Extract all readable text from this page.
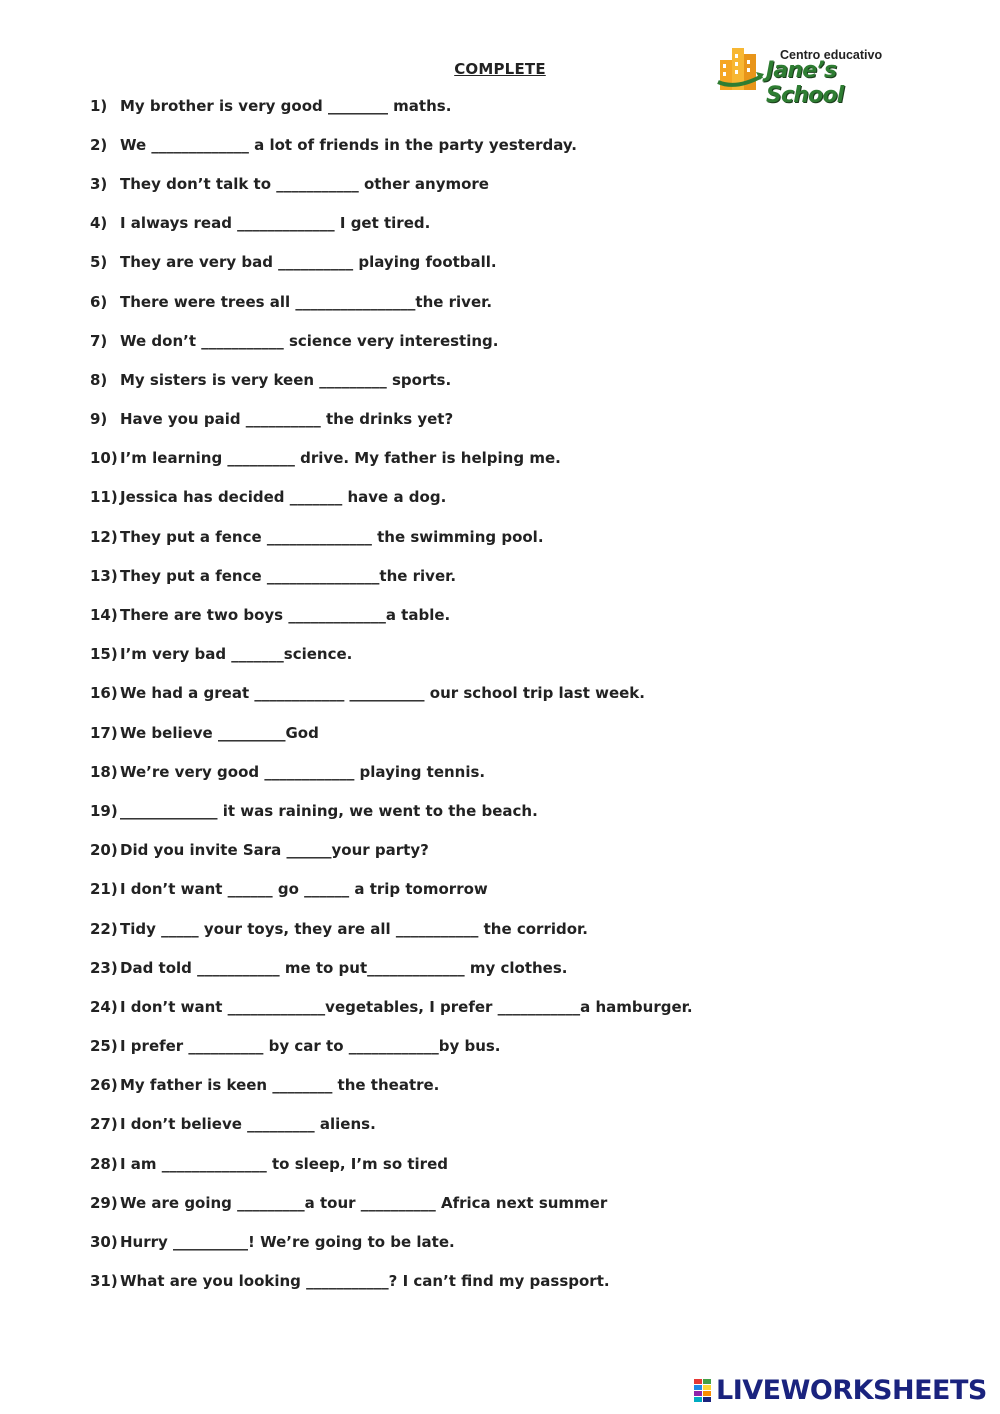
COMPLETE
Centro educativo
Jane’s School
1) My brother is very good ________ maths.
2) We _____________ a lot of friends in the party yesterday.
3) They don’t talk to ___________ other anymore
4) I always read _____________ I get tired.
5) They are very bad __________ playing football.
6) There were trees all ________________the river.
7) We don’t ___________ science very interesting.
8) My sisters is very keen _________ sports.
9) Have you paid __________ the drinks yet?
10) I’m learning _________ drive. My father is helping me.
11) Jessica has decided _______ have a dog.
12) They put a fence ______________ the swimming pool.
13) They put a fence _______________the river.
14) There are two boys _____________a table.
15) I’m very bad _______science.
16) We had a great ____________ __________ our school trip last week.
17) We believe _________God
18) We’re very good ____________ playing tennis.
19) _____________ it was raining, we went to the beach.
20) Did you invite Sara ______your party?
21) I don’t want ______ go ______ a trip tomorrow
22) Tidy _____ your toys, they are all ___________ the corridor.
23) Dad told ___________ me to put_____________ my clothes.
24) I don’t want _____________vegetables, I prefer ___________a hamburger.
25) I prefer __________ by car to ____________by bus.
26) My father is keen ________ the theatre.
27) I don’t believe _________ aliens.
28) I am ______________ to sleep, I’m so tired
29) We are going _________a tour __________ Africa next summer
30) Hurry __________! We’re going to be late.
31) What are you looking ___________? I can’t find my passport.
LIVEWORKSHEETS
